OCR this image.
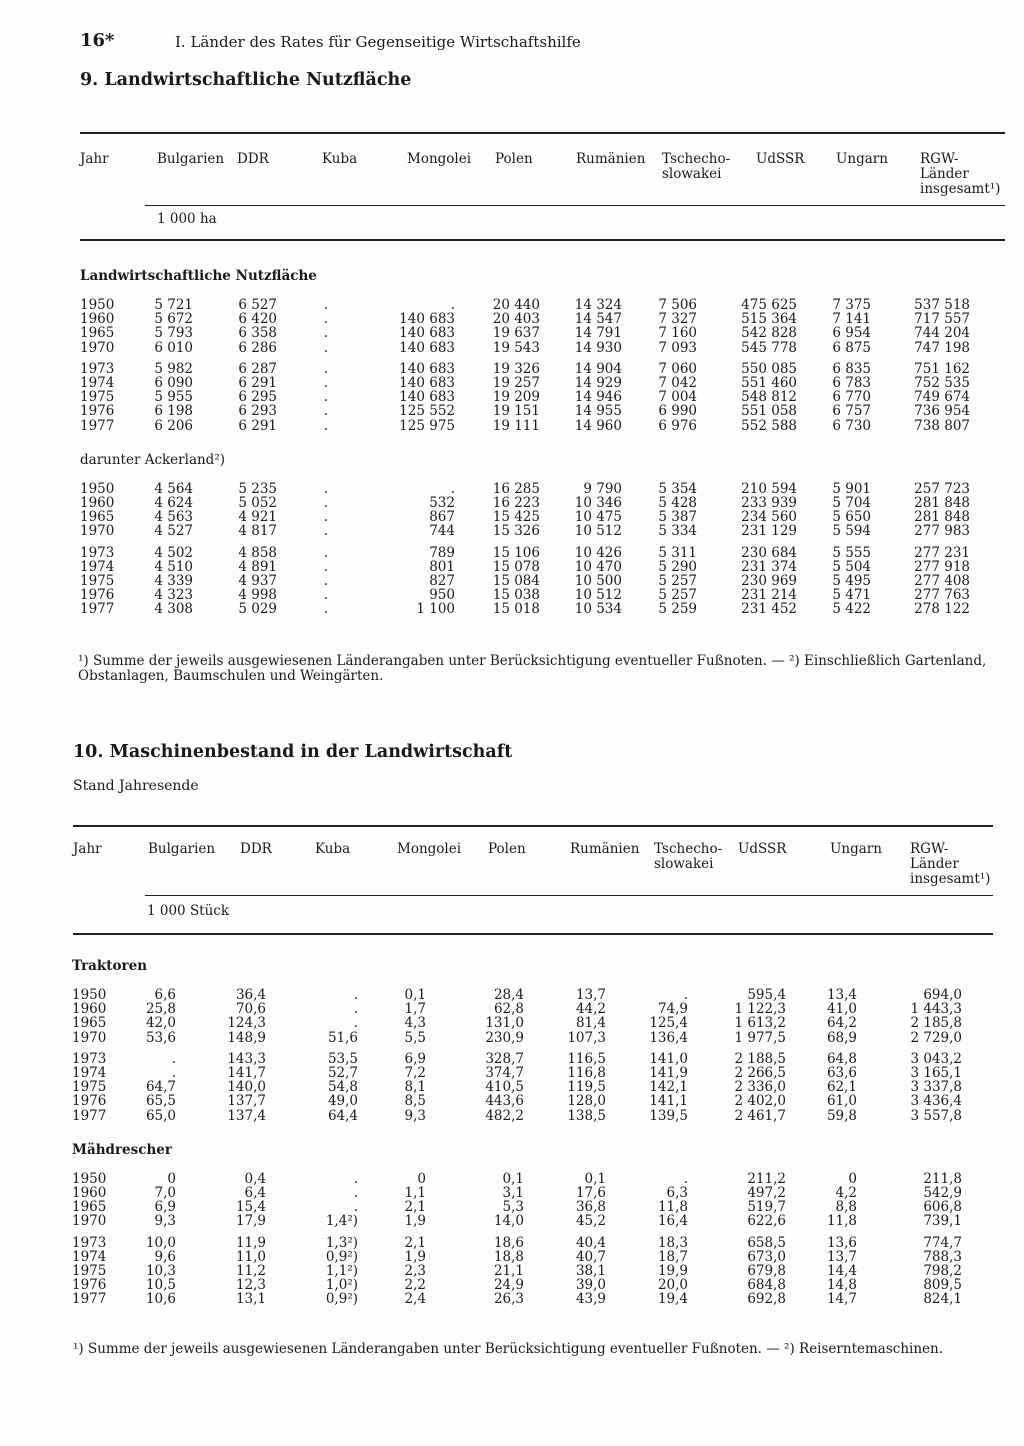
16*	I. Länder des Rates für Gegenseitige Wirtschaftshilfe
9. Landwirtschaftliche Nutzfläche
Jahr	Bulgarien DDR	Kuba	Mongolei Polen	Rumänien Tschecho-
slowakei
UdSSR Ungarn RGW-
Länder
insgesamt¹)
1 000 ha
Landwirtschaftliche Nutzfläche
1950	5 721	6 527	.	.	20 440	14 324	7 506	475 625	7 375	537 518
1960	5 672	6 420	.	140 683	20 403	14 547	7 327	515 364	7 141	717 557
1965	5 793	6 358	.	140 683	19 637	14 791	7 160	542 828	6 954	744 204
1970	6 010	6 286	.	140 683	19 543	14 930	7 093	545 778	6 875	747 198
1973	5 982	6 287	.	140 683	19 326	14 904	7 060	550 085	6 835	751 162
1974	6 090	6 291	.	140 683	19 257	14 929	7 042	551 460	6 783	752 535
1975	5 955	6 295	.	140 683	19 209	14 946	7 004	548 812	6 770	749 674
1976	6 198	6 293	.	125 552	19 151	14 955	6 990	551 058	6 757	736 954
1977	6 206	6 291	.	125 975	19 111	14 960	6 976	552 588	6 730	738 807
darunter Ackerland²)
1950	4 564	5 235	.	.	16 285	9 790	5 354	210 594	5 901	257 723
1960	4 624	5 052	.	532	16 223	10 346	5 428	233 939	5 704	281 848
1965	4 563	4 921	.	867	15 425	10 475	5 387	234 560	5 650	281 848
1970	4 527	4 817	.	744	15 326	10 512	5 334	231 129	5 594	277 983
1973	4 502	4 858	.	789	15 106	10 426	5 311	230 684	5 555	277 231
1974	4 510	4 891	.	801	15 078	10 470	5 290	231 374	5 504	277 918
1975	4 339	4 937	.	827	15 084	10 500	5 257	230 969	5 495	277 408
1976	4 323	4 998	.	950	15 038	10 512	5 257	231 214	5 471	277 763
1977	4 308	5 029	.	1 100	15 018	10 534	5 259	231 452	5 422	278 122
¹) Summe der jeweils ausgewiesenen Länderangaben unter Berücksichtigung eventueller Fußnoten. — ²) Einschließlich Gartenland,
Obstanlagen, Baumschulen und Weingärten.
10. Maschinenbestand in der Landwirtschaft
Stand Jahresende
Jahr	Bulgarien DDR	Kuba	Mongolei Polen	Rumänien Tschecho-
slowakei
UdSSR	Ungarn RGW-
Länder
insgesamt¹)
1 000 Stück
Traktoren
1950	6,6	36,4	.	0,1	28,4	13,7	.	595,4	13,4	694,0
1960	25,8	70,6	.	1,7	62,8	44,2	74,9	1 122,3	41,0	1 443,3
1965	42,0	124,3	.	4,3	131,0	81,4	125,4	1 613,2	64,2	2 185,8
1970	53,6	148,9	51,6	5,5	230,9	107,3	136,4	1 977,5	68,9	2 729,0
1973	.	143,3	53,5	6,9	328,7	116,5	141,0	2 188,5	64,8	3 043,2
1974	.	141,7	52,7	7,2	374,7	116,8	141,9	2 266,5	63,6	3 165,1
1975	64,7	140,0	54,8	8,1	410,5	119,5	142,1	2 336,0	62,1	3 337,8
1976	65,5	137,7	49,0	8,5	443,6	128,0	141,1	2 402,0	61,0	3 436,4
1977	65,0	137,4	64,4	9,3	482,2	138,5	139,5	2 461,7	59,8	3 557,8
Mähdrescher
1950	0	0,4	.	0	0,1	0,1	.	211,2	0	211,8
1960	7,0	6,4	.	1,1	3,1	17,6	6,3	497,2	4,2	542,9
1965	6,9	15,4	.	2,1	5,3	36,8	11,8	519,7	8,8	606,8
1970	9,3	17,9	1,4²)	1,9	14,0	45,2	16,4	622,6	11,8	739,1
1973	10,0	11,9	1,3²)	2,1	18,6	40,4	18,3	658,5	13,6	774,7
1974	9,6	11,0	0,9²)	1,9	18,8	40,7	18,7	673,0	13,7	788,3
1975	10,3	11,2	1,1²)	2,3	21,1	38,1	19,9	679,8	14,4	798,2
1976	10,5	12,3	1,0²)	2,2	24,9	39,0	20,0	684,8	14,8	809,5
1977	10,6	13,1	0,9²)	2,4	26,3	43,9	19,4	692,8	14,7	824,1
¹) Summe der jeweils ausgewiesenen Länderangaben unter Berücksichtigung eventueller Fußnoten. — ²) Reiserntemaschinen.
